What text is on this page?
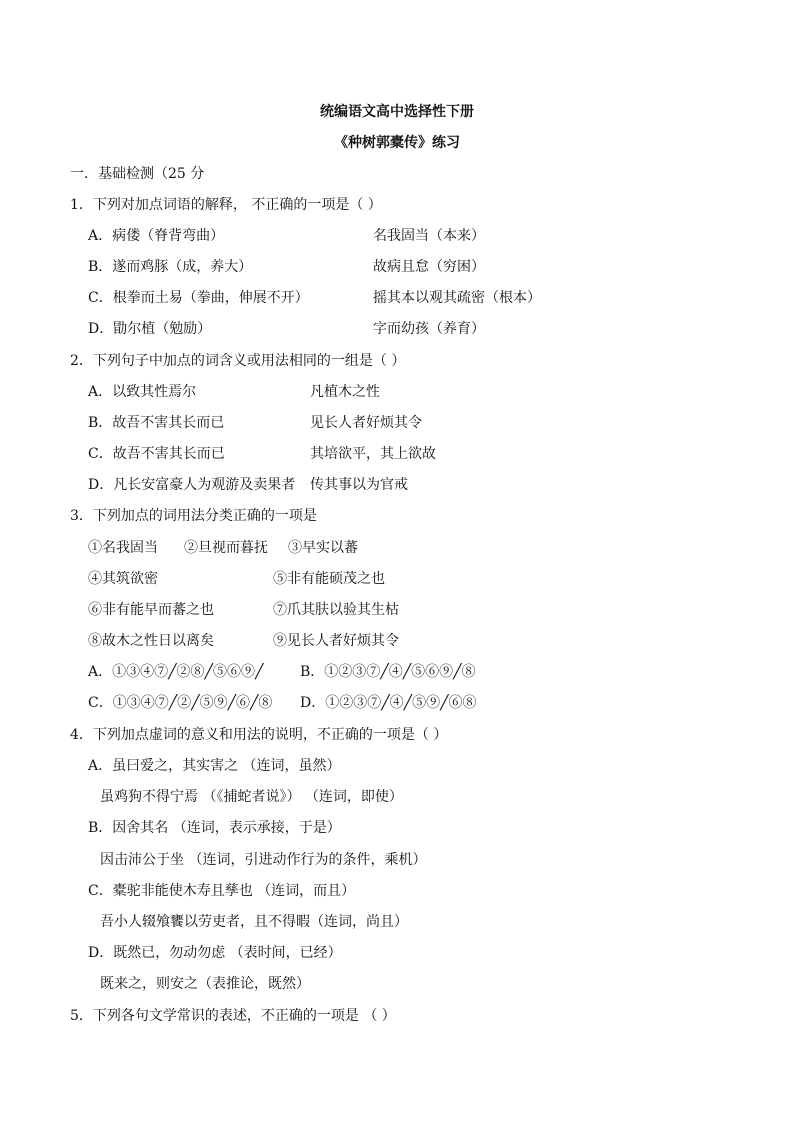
统编语文高中选择性下册
《种树郭橐传》练习
一．基础检测（25 分
1．下列对加点词语的解释， 不正确的一项是（ ）
A．病偻（脊背弯曲）	名我固当（本来）
B．遂而鸡豚（成，养大）	故病且怠（穷困）
C．根拳而土易（拳曲，伸展不开）	摇其本以观其疏密（根本）
D．勖尔植（勉励）	字而幼孩（养育）
2．下列句子中加点的词含义或用法相同的一组是（ ）
A．以致其性焉尔	凡植木之性
B．故吾不害其长而已	见长人者好烦其令
C．故吾不害其长而已	其培欲平，其上欲故
D．凡长安富豪人为观游及卖果者 传其事以为官戒
3．下列加点的词用法分类正确的一项是
①名我固当 ②旦视而暮抚 ③早实以蕃
④其筑欲密	⑤非有能硕茂之也
⑥非有能早而蕃之也	⑦爪其肤以验其生枯
⑧故木之性日以离矣	⑨见长人者好烦其令
A．①③④⑦╱②⑧╱⑤⑥⑨╱	B．①②③⑦╱④╱⑤⑥⑨╱⑧
C．①③④⑦╱②╱⑤⑨╱⑥╱⑧ D．①②③⑦╱④╱⑤⑨╱⑥⑧
4．下列加点虚词的意义和用法的说明，不正确的一项是（ ）
A．虽曰爱之，其实害之 （连词，虽然）
虽鸡狗不得宁焉 （《捕蛇者说》） （连词，即使）
B．因舍其名 （连词，表示承接，于是）
因击沛公于坐 （连词，引进动作行为的条件，乘机）
C．橐驼非能使木寿且孳也 （连词，而且）
吾小人辍飧饔以劳吏者，且不得暇（连词，尚且）
D．既然已，勿动勿虑 （表时间，已经）
既来之，则安之（表推论，既然）
5．下列各句文学常识的表述，不正确的一项是 （ ）
